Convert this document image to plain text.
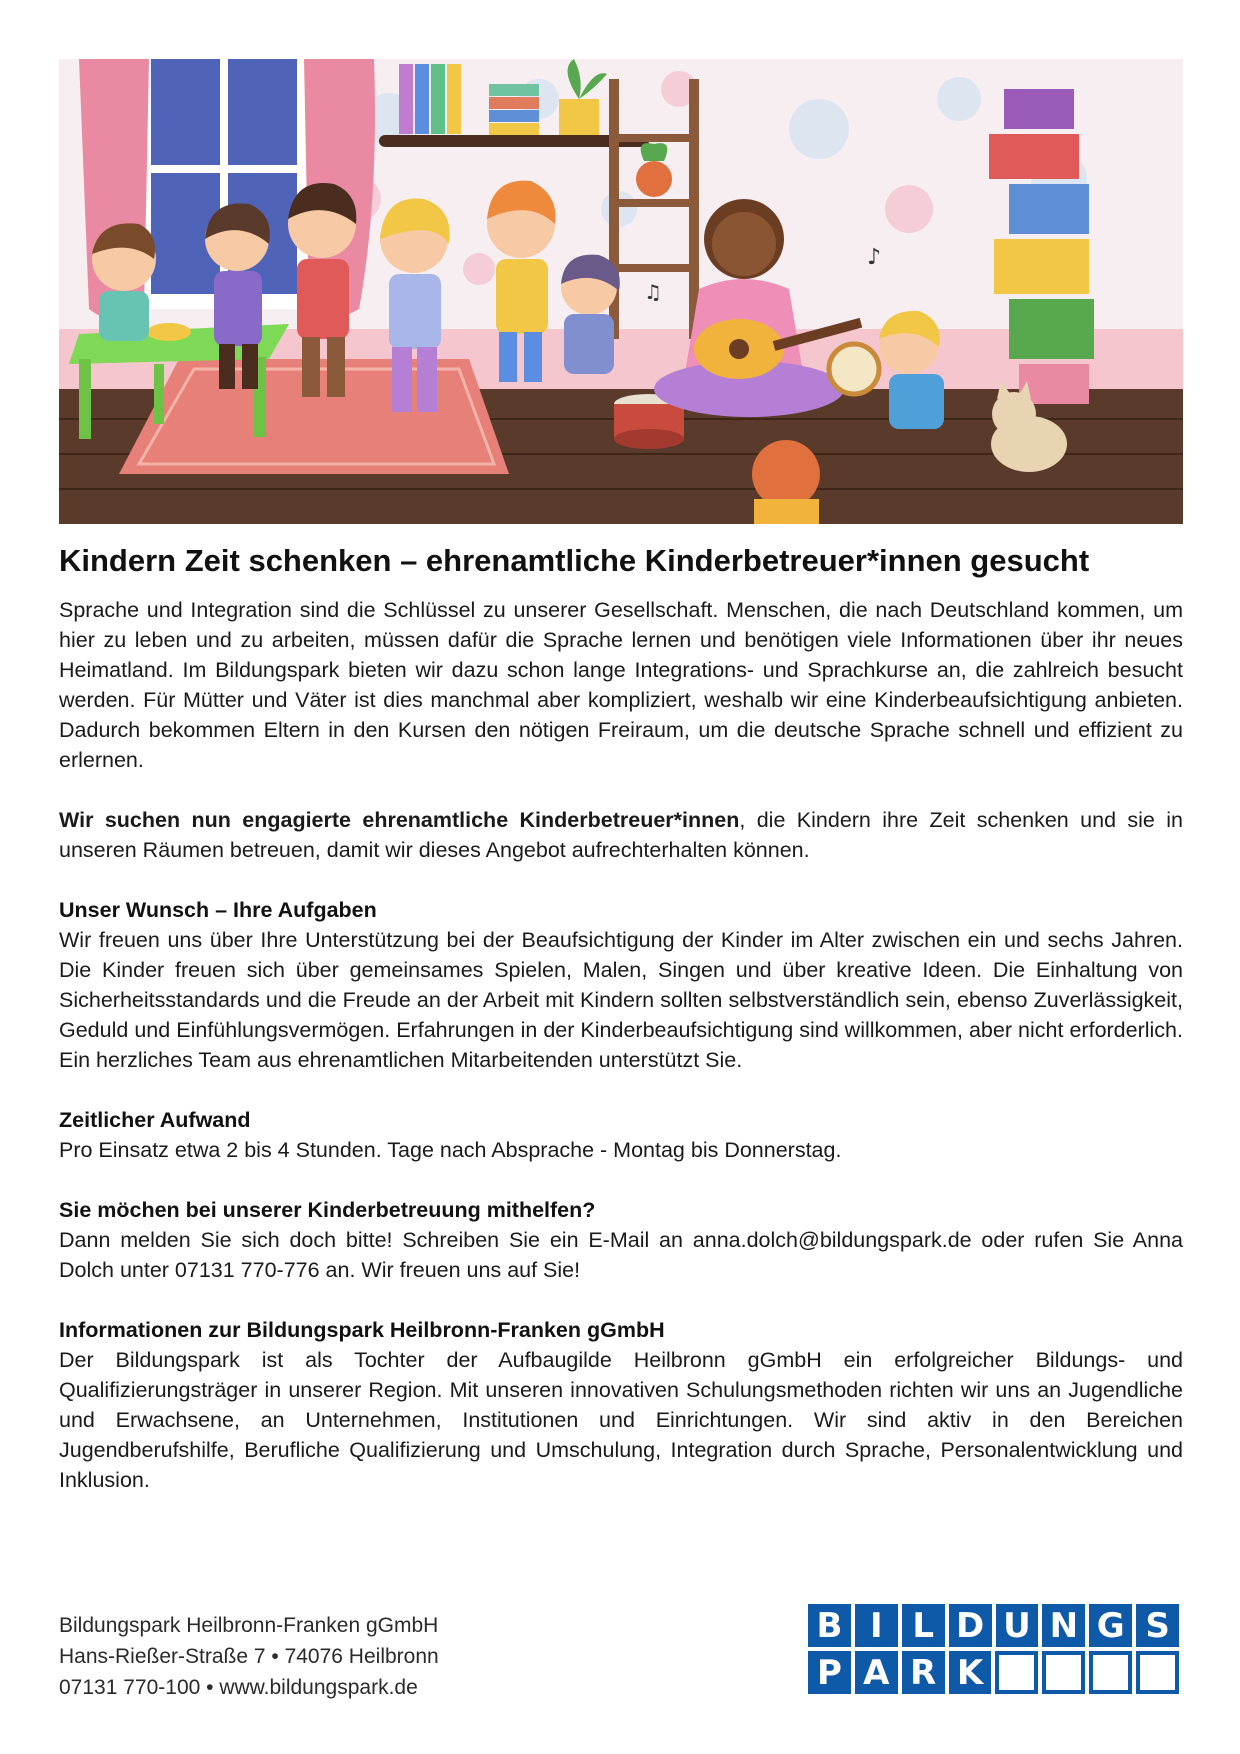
♪
♫
Kindern Zeit schenken – ehrenamtliche Kinderbetreuer*innen gesucht

Sprache und Integration sind die Schlüssel zu unserer Gesellschaft. Menschen, die nach Deutschland kommen, um hier zu leben und zu arbeiten, müssen dafür die Sprache lernen und benötigen viele Informationen über ihr neues Heimatland. Im Bildungspark bieten wir dazu schon lange Integrations- und Sprachkurse an, die zahlreich besucht werden. Für Mütter und Väter ist dies manchmal aber kompliziert, weshalb wir eine Kinderbeaufsichtigung anbieten. Dadurch bekommen Eltern in den Kursen den nötigen Freiraum, um die deutsche Sprache schnell und effizient zu erlernen.

Wir suchen nun engagierte ehrenamtliche Kinderbetreuer*innen, die Kindern ihre Zeit schenken und sie in unseren Räumen betreuen, damit wir dieses Angebot aufrechterhalten können.

Unser Wunsch – Ihre Aufgaben

Wir freuen uns über Ihre Unterstützung bei der Beaufsichtigung der Kinder im Alter zwischen ein und sechs Jahren. Die Kinder freuen sich über gemeinsames Spielen, Malen, Singen und über kreative Ideen. Die Einhaltung von Sicherheitsstandards und die Freude an der Arbeit mit Kindern sollten selbstverständlich sein, ebenso Zuverlässigkeit, Geduld und Einfühlungsvermögen. Erfahrungen in der Kinderbeaufsichtigung sind willkommen, aber nicht erforderlich. Ein herzliches Team aus ehrenamtlichen Mitarbeitenden unterstützt Sie.

Zeitlicher Aufwand

Pro Einsatz etwa 2 bis 4 Stunden. Tage nach Absprache - Montag bis Donnerstag.

Sie möchen bei unserer Kinderbetreuung mithelfen?

Dann melden Sie sich doch bitte! Schreiben Sie ein E-Mail an anna.dolch@bildungspark.de oder rufen Sie Anna Dolch unter 07131 770-776 an. Wir freuen uns auf Sie!

Informationen zur Bildungspark Heilbronn-Franken gGmbH

Der Bildungspark ist als Tochter der Aufbaugilde Heilbronn gGmbH ein erfolgreicher Bildungs- und Qualifizierungsträger in unserer Region. Mit unseren innovativen Schulungsmethoden richten wir uns an Jugendliche und Erwachsene, an Unternehmen, Institutionen und Einrichtungen. Wir sind aktiv in den Bereichen Jugendberufshilfe, Berufliche Qualifizierung und Umschulung, Integration durch Sprache, Personalentwicklung und Inklusion.

Bildungspark Heilbronn-Franken gGmbH
Hans-Rießer-Straße 7 • 74076 Heilbronn
07131 770-100 • www.bildungspark.de
B I L D U N G S
P A R K
